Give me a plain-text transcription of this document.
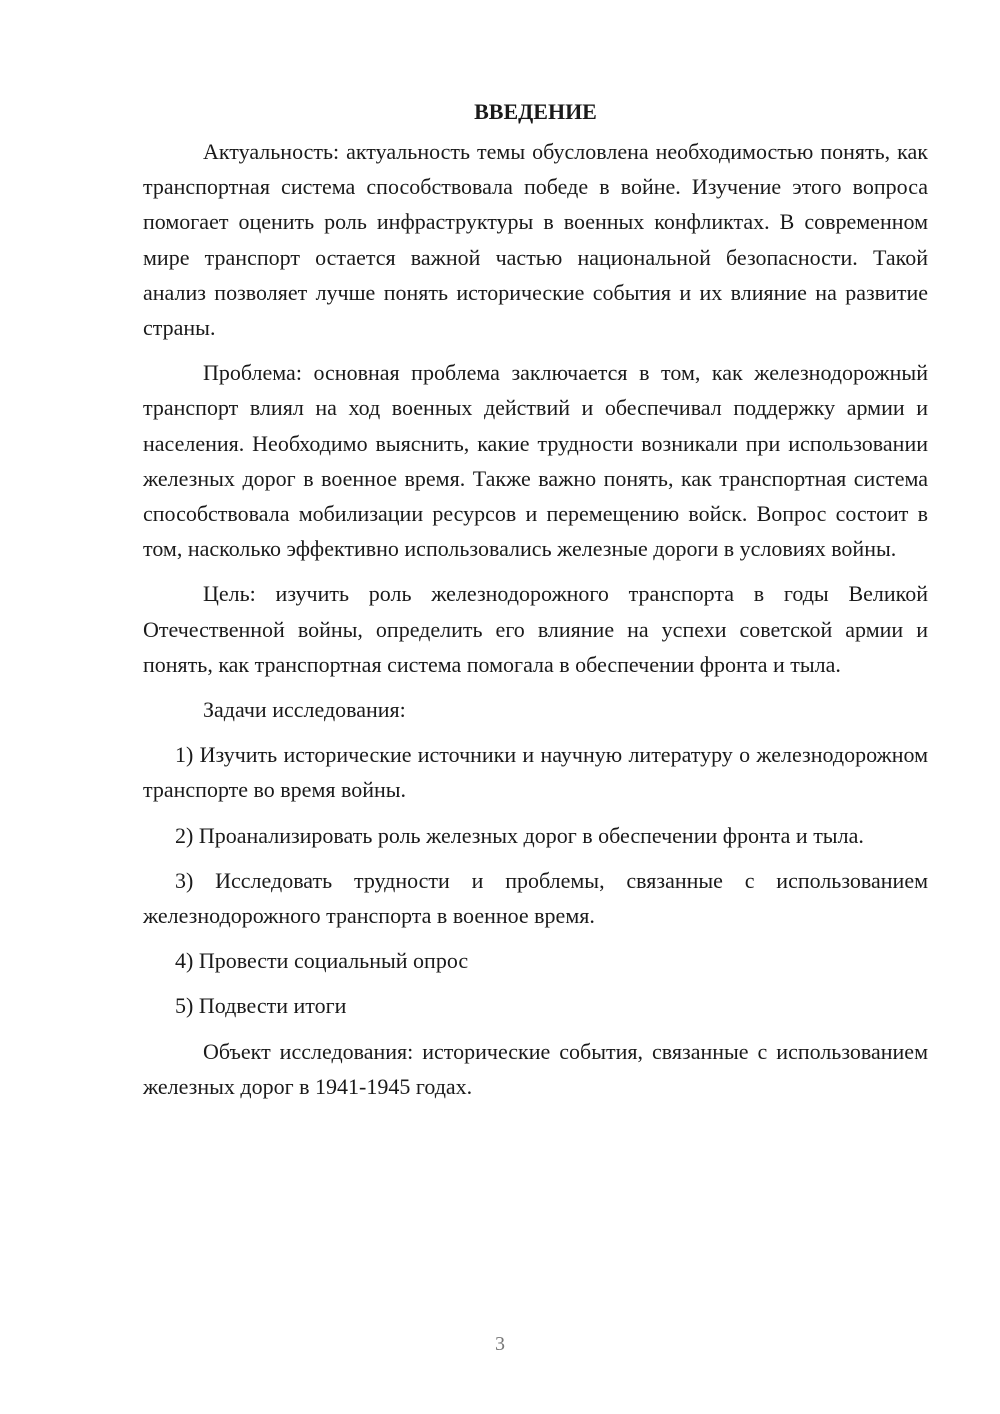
ВВЕДЕНИЕ

Актуальность: актуальность темы обусловлена необходимостью понять, как транспортная система способствовала победе в войне. Изучение этого вопроса помогает оценить роль инфраструктуры в военных конфликтах. В современном мире транспорт остается важной частью национальной безопасности. Такой анализ позволяет лучше понять исторические события и их влияние на развитие страны.

Проблема: основная проблема заключается в том, как железнодорожный транспорт влиял на ход военных действий и обеспечивал поддержку армии и населения. Необходимо выяснить, какие трудности возникали при использовании железных дорог в военное время. Также важно понять, как транспортная система способствовала мобилизации ресурсов и перемещению войск. Вопрос состоит в том, насколько эффективно использовались железные дороги в условиях войны.

Цель: изучить роль железнодорожного транспорта в годы Великой Отечественной войны, определить его влияние на успехи советской армии и понять, как транспортная система помогала в обеспечении фронта и тыла.

Задачи исследования:

1) Изучить исторические источники и научную литературу о железнодорожном транспорте во время войны.

2) Проанализировать роль железных дорог в обеспечении фронта и тыла.

3) Исследовать трудности и проблемы, связанные с использованием железнодорожного транспорта в военное время.

4) Провести социальный опрос

5) Подвести итоги

Объект исследования: исторические события, связанные с использованием железных дорог в 1941-1945 годах.

3
